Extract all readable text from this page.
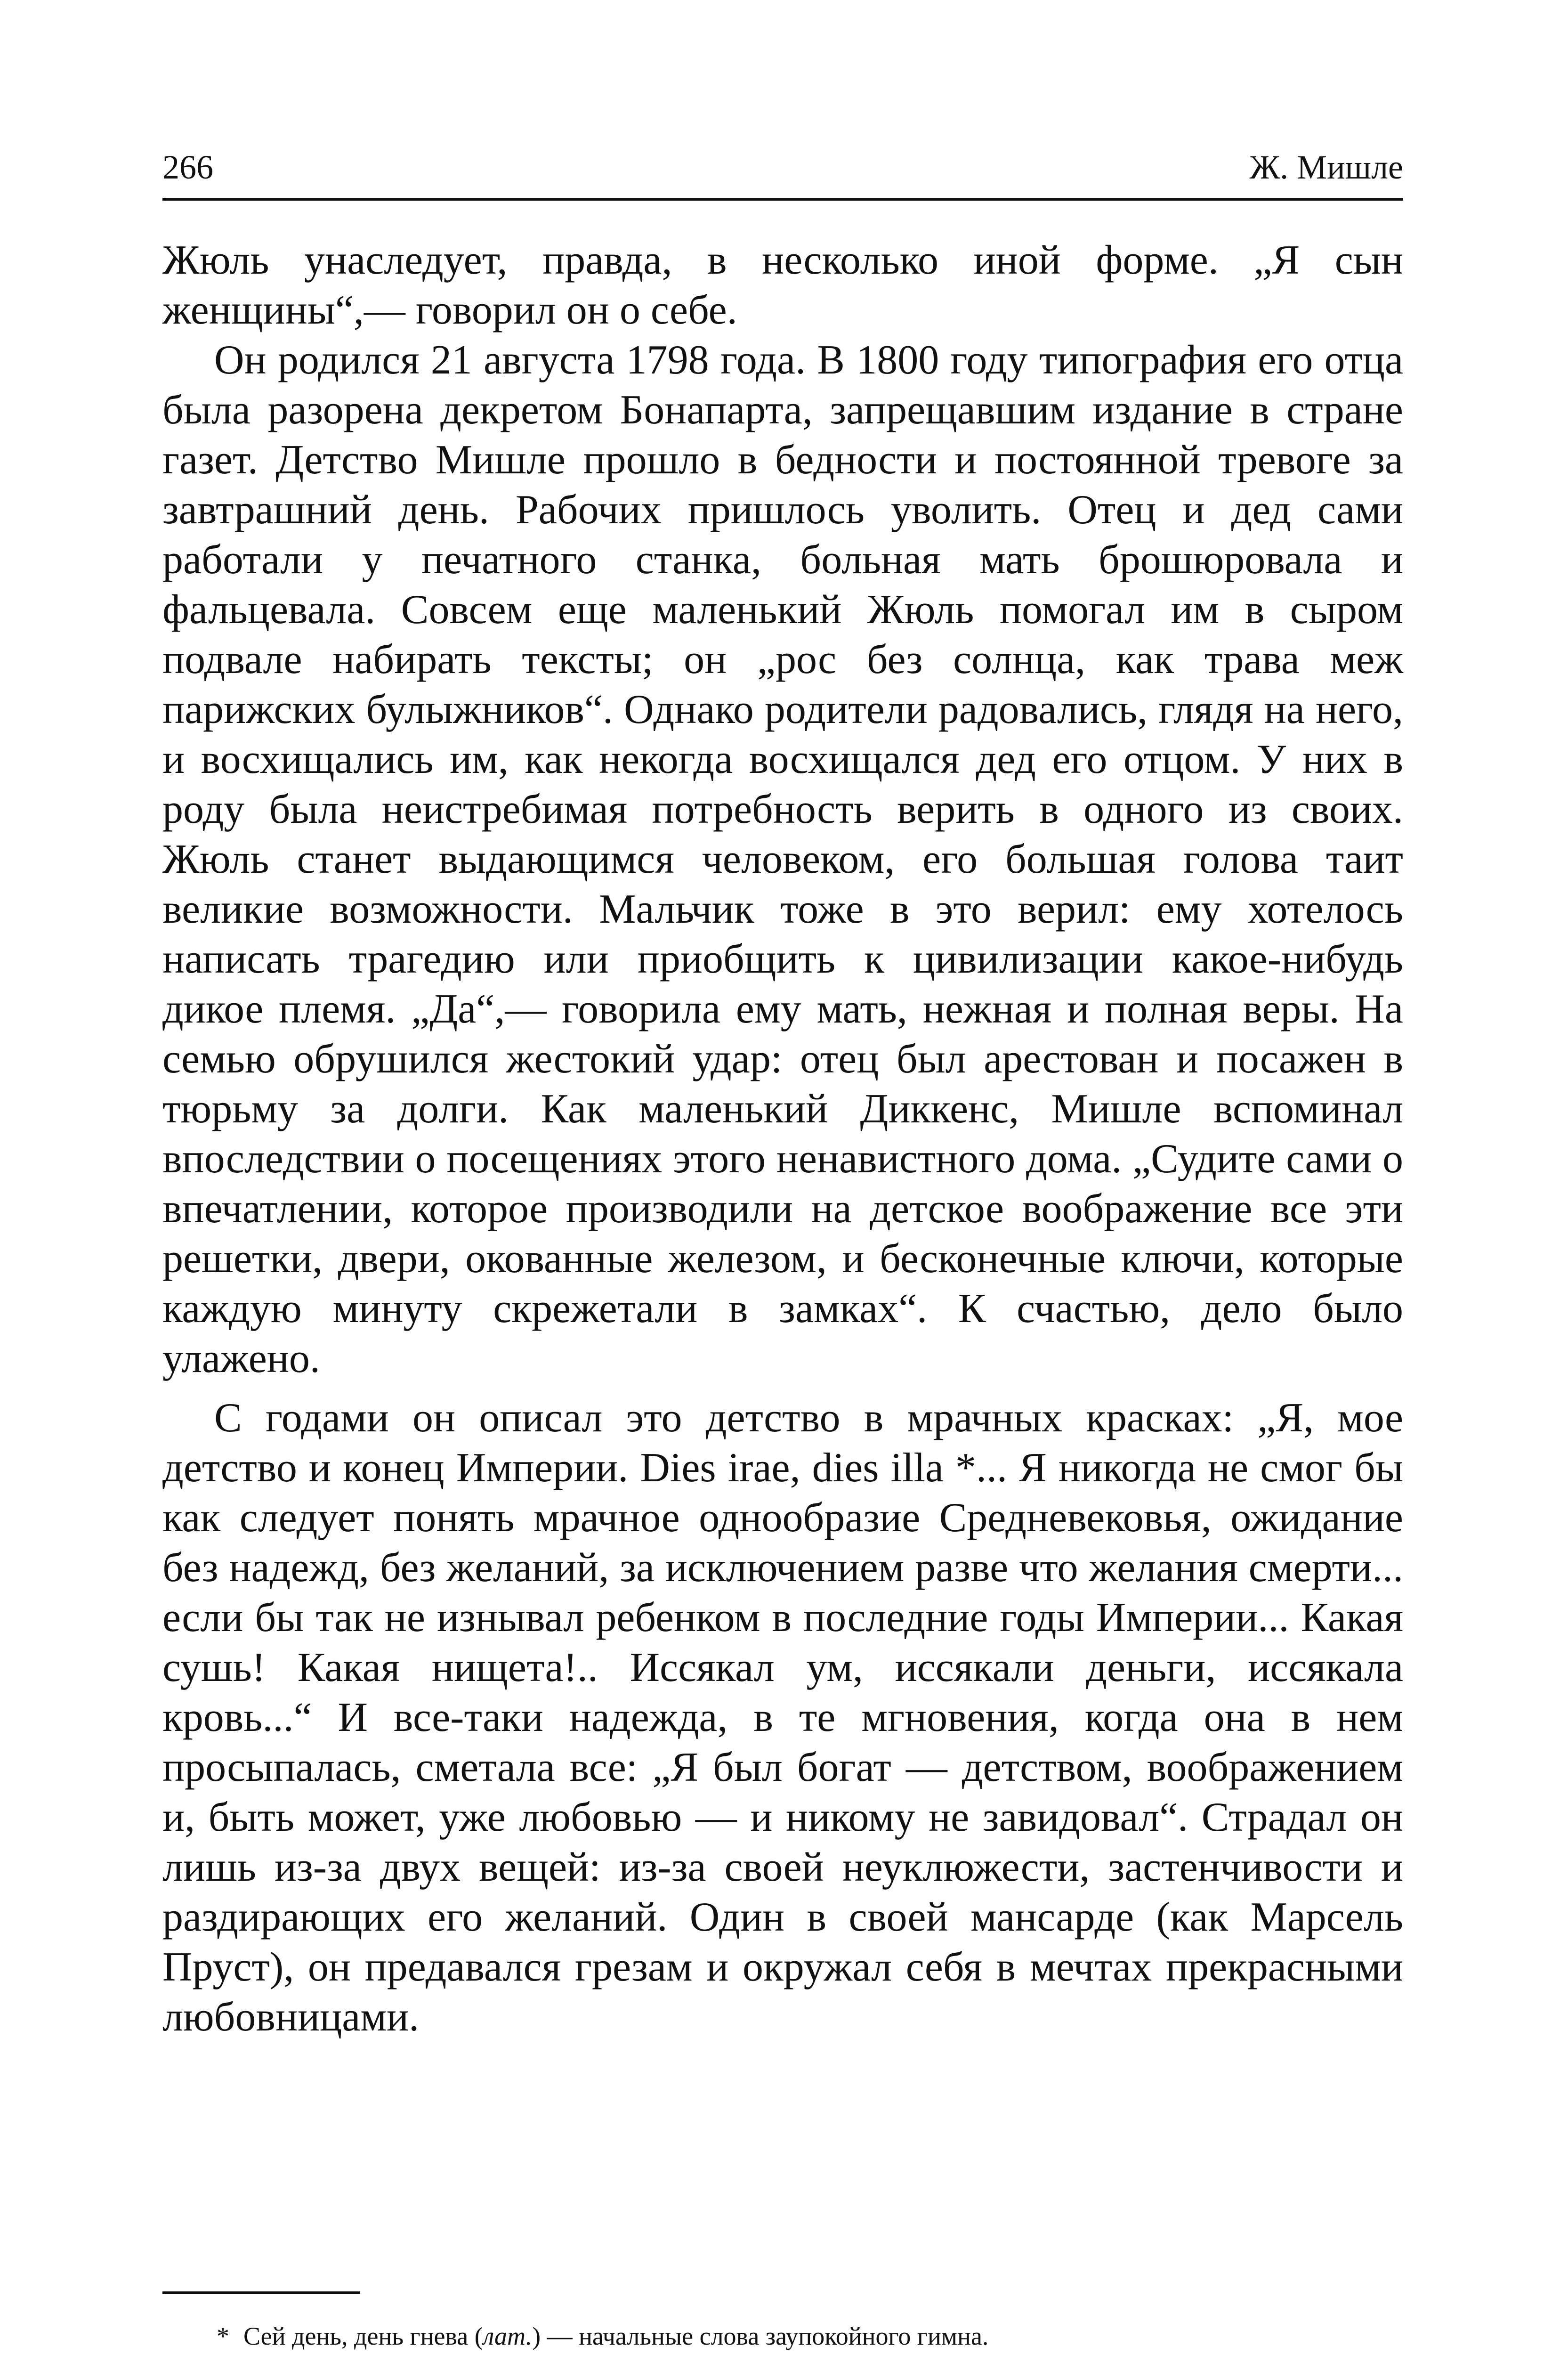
266	Ж. Мишле

Жюль унаследует, правда, в несколько иной форме. „Я сын женщины“,— говорил он о себе.

Он родился 21 августа 1798 года. В 1800 году типография его отца была разорена декретом Бонапарта, запрещавшим издание в стране газет. Детство Мишле прошло в бедности и постоянной тревоге за завтрашний день. Рабочих пришлось уволить. Отец и дед сами работали у печатного станка, больная мать брошюровала и фальцевала. Совсем еще маленький Жюль помогал им в сыром подвале набирать тексты; он „рос без солнца, как трава меж парижских булыжников“. Однако родители радовались, глядя на него, и восхищались им, как некогда восхищался дед его отцом. У них в роду была неистребимая потребность верить в одного из своих. Жюль станет выдающимся человеком, его большая голова таит великие возможности. Мальчик тоже в это верил: ему хотелось написать трагедию или приобщить к цивилизации какое-нибудь дикое племя. „Да“,— говорила ему мать, нежная и полная веры. На семью обрушился жестокий удар: отец был арестован и посажен в тюрьму за долги. Как маленький Диккенс, Мишле вспоминал впоследствии о посещениях этого ненавистного дома. „Судите сами о впечатлении, которое производили на детское воображение все эти решетки, двери, окованные железом, и бесконечные ключи, которые каждую минуту скрежетали в замках“. К счастью, дело было улажено.

С годами он описал это детство в мрачных красках: „Я, мое детство и конец Империи. Dies irae, dies illa *... Я никогда не смог бы как следует понять мрачное однообразие Средневековья, ожидание без надежд, без желаний, за исключением разве что желания смерти... если бы так не изнывал ребенком в последние годы Империи... Какая сушь! Какая нищета!.. Иссякал ум, иссякали деньги, иссякала кровь...“ И все-таки надежда, в те мгновения, когда она в нем просыпалась, сметала все: „Я был богат — детством, воображением и, быть может, уже любовью — и никому не завидовал“. Страдал он лишь из-за двух вещей: из-за своей неуклюжести, застенчивости и раздирающих его желаний. Один в своей мансарде (как Марсель Пруст), он предавался грезам и окружал себя в мечтах прекрасными любовницами.

* Сей день, день гнева (лат.) — начальные слова заупокойного гимна.
